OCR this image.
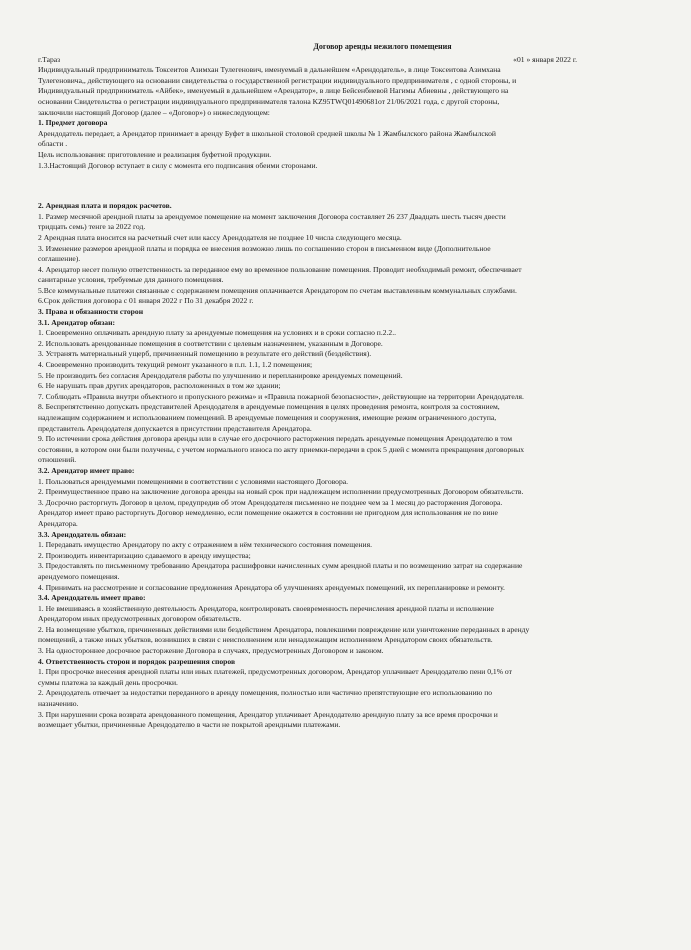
Договор аренды нежилого помещения
г.Тараз	«01 » января 2022 г.
Индивидуальный предприниматель Токсеитов Азимхан Тулегенович, именуемый в дальнейшем «Арендодатель», в лице Токсеитова Азимхана
Тулегеновича,, действующего на основании свидетельства о государственной регистрации индивидуального предпринимателя , с одной стороны, и
Индивидуальный предприниматель «Айбек», именуемый в дальнейшем «Арендатор», в лице Бейсенбиевой Нагимы Абиевны , действующего на
основании Свидетельства о регистрации индивидуального предпринимателя талона KZ95TWQ01490681от 21/06/2021 года, с другой стороны,
заключили настоящий Договор (далее – «Договор») о нижеследующем:
1. Предмет договора
Арендодатель передает, а Арендатор принимает в аренду Буфет в школьной столовой средней школы № 1 Жамбылского района Жамбылской
области .
Цель использования: приготовление и реализация буфетной продукции.
1.3.Настоящий Договор вступает в силу с момента его подписания обеими сторонами.
2. Арендная плата и порядок расчетов.
1. Размер месячной арендной платы за арендуемое помещение на момент заключения Договора составляет 26 237 Двадцать шесть тысяч двести
тридцать семь) тенге за 2022 год.
2 Арендная плата вносится на расчетный счет или кассу Арендодателя не позднее 10 числа следующего месяца.
3. Изменение размеров арендной платы и порядка ее внесения возможно лишь по соглашению сторон в письменном виде (Дополнительное
соглашение).
4. Арендатор несет полную ответственность за переданное ему во временное пользование помещения. Проводит необходимый ремонт, обеспечивает
санитарные условия, требуемые для данного помещения.
5.Все коммунальные платежи связанные с содержанием помещения оплачивается Арендатором по счетам выставленным коммунальных службами.
6.Срок действия договора с 01 января 2022 г По 31 декабря 2022 г.
3. Права и обязанности сторон
3.1. Арендатор обязан:
1. Своевременно оплачивать арендную плату за арендуемые помещения на условиях и в сроки согласно п.2.2..
2. Использовать арендованные помещения в соответствии с целевым назначением, указанным в Договоре.
3. Устранять материальный ущерб, причиненный помещению в результате его действий (бездействия).
4. Своевременно производить текущий ремонт указанного в п.п. 1.1, 1.2 помещения;
5. Не производить без согласия Арендодателя работы по улучшению и перепланировке арендуемых помещений.
6. Не нарушать прав других арендаторов, расположенных в том же здании;
7. Соблюдать «Правила внутри объектного и пропускного режима» и «Правила пожарной безопасности», действующие на территории Арендодателя.
8. Беспрепятственно допускать представителей Арендодателя в арендуемые помещения в целях проведения ремонта, контроля за состоянием,
надлежащим содержанием и использованием помещений. В арендуемые помещения и сооружения, имеющие режим ограниченного доступа,
представитель Арендодателя допускается в присутствии представителя Арендатора.
9. По истечении срока действия договора аренды или в случае его досрочного расторжения передать арендуемые помещения Арендодателю в том
состоянии, в котором они были получены, с учетом нормального износа по акту приемки-передачи в срок 5 дней с момента прекращения договорных
отношений.
3.2. Арендатор имеет право:
1. Пользоваться арендуемыми помещениями в соответствии с условиями настоящего Договора.
2. Преимущественное право на заключение договора аренды на новый срок при надлежащем исполнении предусмотренных Договором обязательств.
3. Досрочно расторгнуть Договор в целом, предупредив об этом Арендодателя письменно не позднее чем за 1 месяц до расторжения Договора.
Арендатор имеет право расторгнуть Договор немедленно, если помещение окажется в состоянии не пригодном для использования не по вине
Арендатора.
3.3. Арендодатель обязан:
1. Передавать имущество Арендатору по акту с отражением в нём технического состояния помещения.
2. Производить инвентаризацию сдаваемого в аренду имущества;
3. Предоставлять по письменному требованию Арендатора расшифровки начисленных сумм арендной платы и по возмещению затрат на содержание
арендуемого помещения.
4. Принимать на рассмотрение и согласование предложения Арендатора об улучшениях арендуемых помещений, их перепланировке и ремонту.
3.4. Арендодатель имеет право:
1. Не вмешиваясь в хозяйственную деятельность Арендатора, контролировать своевременность перечисления арендной платы и исполнение
Арендатором иных предусмотренных договором обязательств.
2. На возмещение убытков, причиненных действиями или бездействием Арендатора, повлекшими повреждение или уничтожение переданных в аренду
помещений, а также иных убытков, возникших в связи с неисполнением или ненадлежащим исполнением Арендатором своих обязательств.
3. На одностороннее досрочное расторжение Договора в случаях, предусмотренных Договором и законом.
4. Ответственность сторон и порядок разрешения споров
1. При просрочке внесения арендной платы или иных платежей, предусмотренных договором, Арендатор уплачивает Арендодателю пени 0,1% от
суммы платежа за каждый день просрочки.
2. Арендодатель отвечает за недостатки переданного в аренду помещения, полностью или частично препятствующие его использованию по
назначению.
3. При нарушении срока возврата арендованного помещения, Арендатор уплачивает Арендодателю арендную плату за все время просрочки и
возмещает убытки, причиненные Арендодателю в части не покрытой арендными платежами.
